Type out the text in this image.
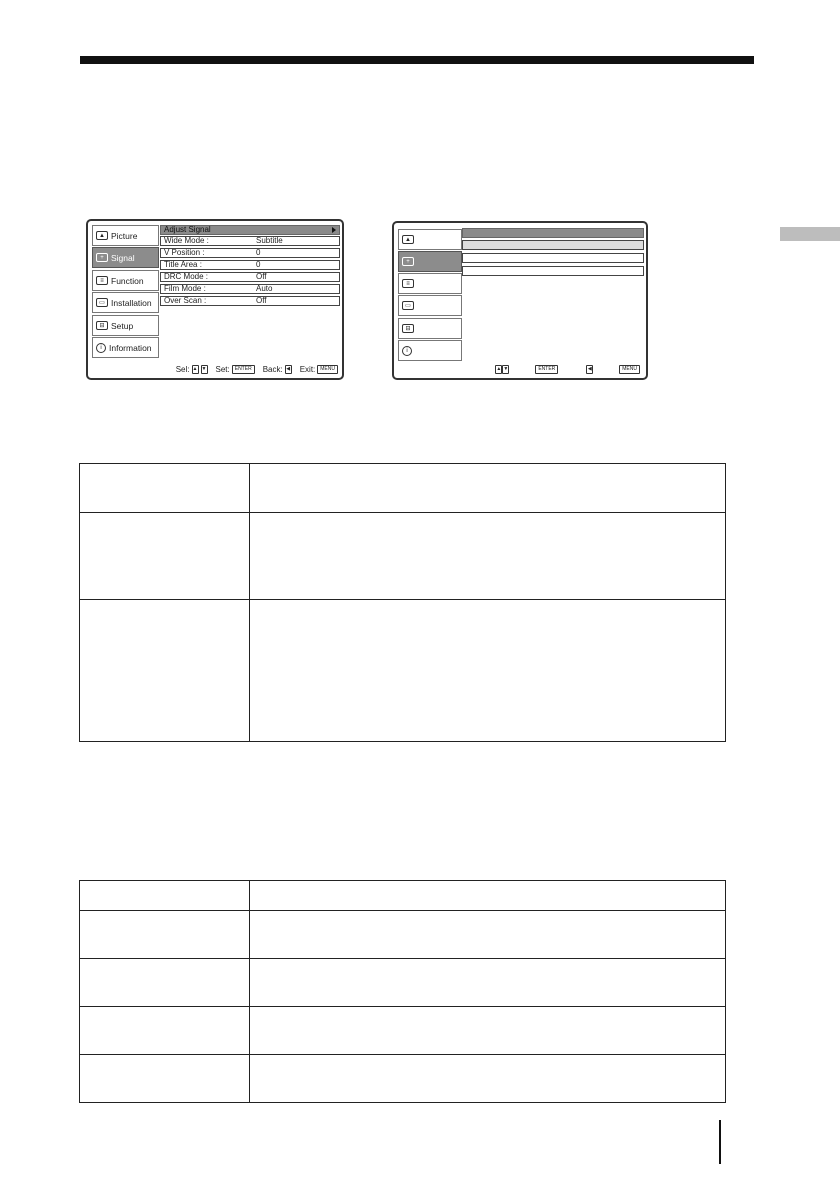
▲ Picture
+ Signal
≡ Function
▭ Installation
⊟ Setup
i Information
Adjust Signal
Wide Mode :	Subtitle
V Position :	0
Title Area :	0
DRC Mode :	Off
Film Mode :	Auto
Over Scan :	Off
Sel: ▲ ▼ Set:	ENTER	Back: ◀ Exit:	MENU
▲
+
≡
▭
⊟
i
▲ ▼	ENTER	◀	MENU
